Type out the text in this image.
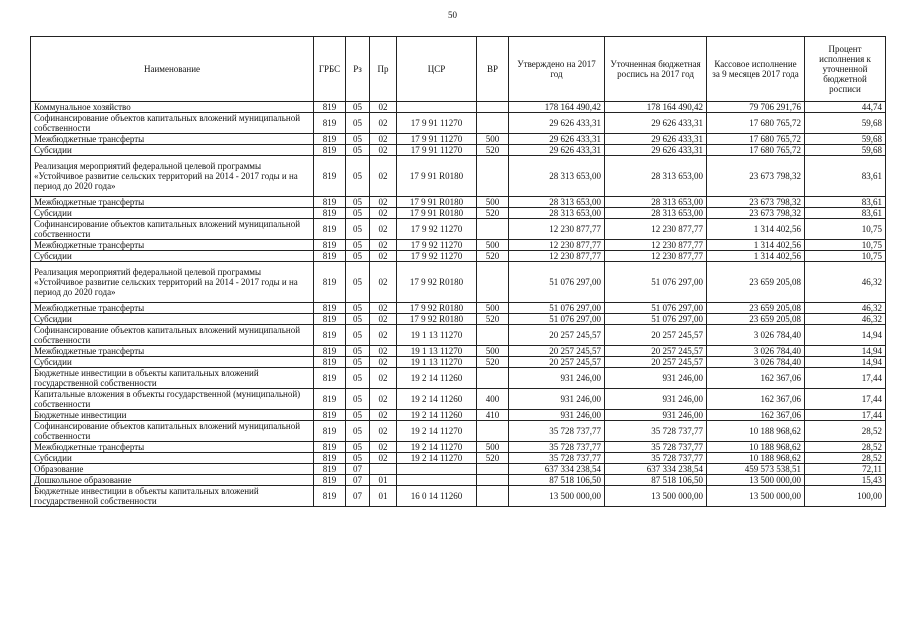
50
Наименование	ГРБС	Рз	Пр	ЦСР	ВР	Утверждено на 2017 год	Уточненная бюджетная роспись на 2017 год	Кассовое исполнение за 9 месяцев 2017 года	Процент исполнения к уточненной бюджетной росписи
Коммунальное хозяйство	819	05	02			178 164 490,42	178 164 490,42	79 706 291,76	44,74
Софинансирование объектов капитальных вложений муниципальной собственности	819	05	02	17 9 91 11270		29 626 433,31	29 626 433,31	17 680 765,72	59,68
Межбюджетные трансферты	819	05	02	17 9 91 11270	500	29 626 433,31	29 626 433,31	17 680 765,72	59,68
Субсидии	819	05	02	17 9 91 11270	520	29 626 433,31	29 626 433,31	17 680 765,72	59,68
Реализация мероприятий федеральной целевой программы «Устойчивое развитие сельских территорий на 2014 - 2017 годы и на период до 2020 года»	819	05	02	17 9 91 R0180		28 313 653,00	28 313 653,00	23 673 798,32	83,61
Межбюджетные трансферты	819	05	02	17 9 91 R0180	500	28 313 653,00	28 313 653,00	23 673 798,32	83,61
Субсидии	819	05	02	17 9 91 R0180	520	28 313 653,00	28 313 653,00	23 673 798,32	83,61
Софинансирование объектов капитальных вложений муниципальной собственности	819	05	02	17 9 92 11270		12 230 877,77	12 230 877,77	1 314 402,56	10,75
Межбюджетные трансферты	819	05	02	17 9 92 11270	500	12 230 877,77	12 230 877,77	1 314 402,56	10,75
Субсидии	819	05	02	17 9 92 11270	520	12 230 877,77	12 230 877,77	1 314 402,56	10,75
Реализация мероприятий федеральной целевой программы «Устойчивое развитие сельских территорий на 2014 - 2017 годы и на период до 2020 года»	819	05	02	17 9 92 R0180		51 076 297,00	51 076 297,00	23 659 205,08	46,32
Межбюджетные трансферты	819	05	02	17 9 92 R0180	500	51 076 297,00	51 076 297,00	23 659 205,08	46,32
Субсидии	819	05	02	17 9 92 R0180	520	51 076 297,00	51 076 297,00	23 659 205,08	46,32
Софинансирование объектов капитальных вложений муниципальной собственности	819	05	02	19 1 13 11270		20 257 245,57	20 257 245,57	3 026 784,40	14,94
Межбюджетные трансферты	819	05	02	19 1 13 11270	500	20 257 245,57	20 257 245,57	3 026 784,40	14,94
Субсидии	819	05	02	19 1 13 11270	520	20 257 245,57	20 257 245,57	3 026 784,40	14,94
Бюджетные инвестиции в объекты капитальных вложений государственной собственности	819	05	02	19 2 14 11260		931 246,00	931 246,00	162 367,06	17,44
Капитальные вложения в объекты государственной (муниципальной) собственности	819	05	02	19 2 14 11260	400	931 246,00	931 246,00	162 367,06	17,44
Бюджетные инвестиции	819	05	02	19 2 14 11260	410	931 246,00	931 246,00	162 367,06	17,44
Софинансирование объектов капитальных вложений муниципальной собственности	819	05	02	19 2 14 11270		35 728 737,77	35 728 737,77	10 188 968,62	28,52
Межбюджетные трансферты	819	05	02	19 2 14 11270	500	35 728 737,77	35 728 737,77	10 188 968,62	28,52
Субсидии	819	05	02	19 2 14 11270	520	35 728 737,77	35 728 737,77	10 188 968,62	28,52
Образование	819	07				637 334 238,54	637 334 238,54	459 573 538,51	72,11
Дошкольное образование	819	07	01			87 518 106,50	87 518 106,50	13 500 000,00	15,43
Бюджетные инвестиции в объекты капитальных вложений государственной собственности	819	07	01	16 0 14 11260		13 500 000,00	13 500 000,00	13 500 000,00	100,00
